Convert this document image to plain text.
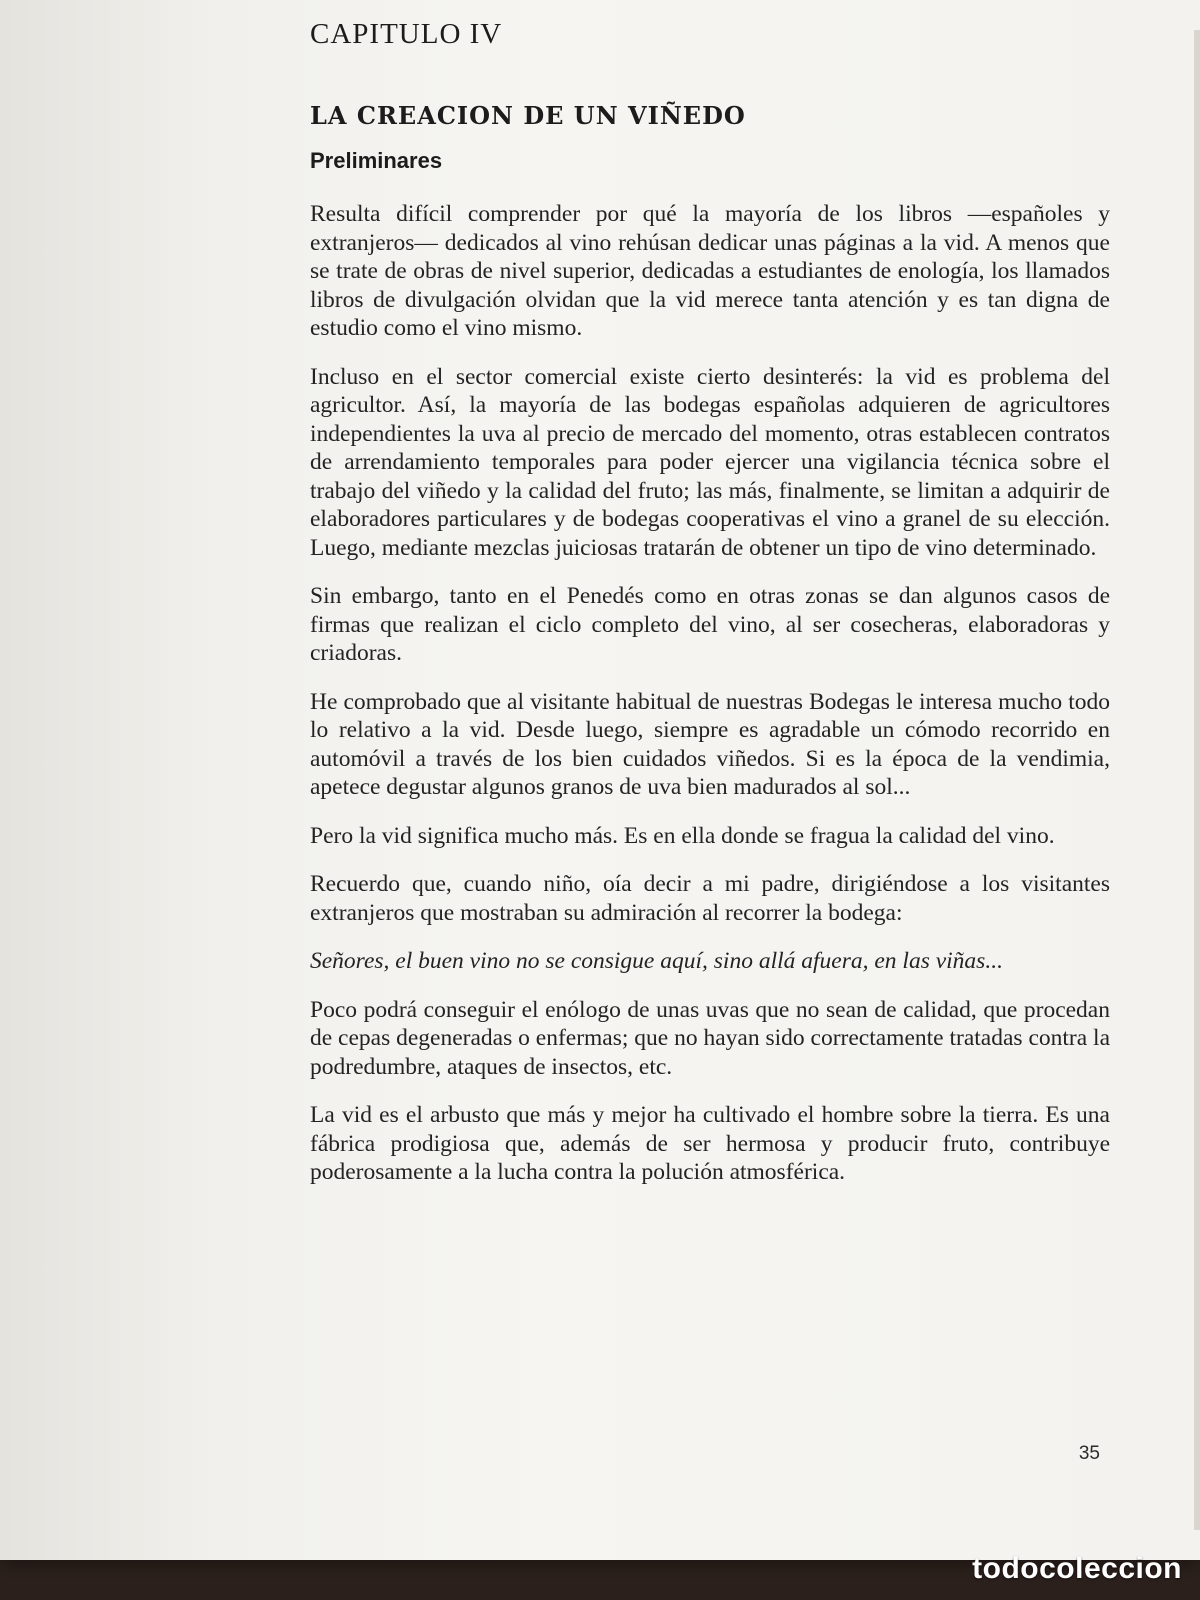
CAPITULO IV
LA CREACION DE UN VIÑEDO
Preliminares

Resulta difícil comprender por qué la mayoría de los libros —españoles y extranjeros— dedicados al vino rehúsan dedicar unas páginas a la vid. A menos que se trate de obras de nivel superior, dedicadas a estudiantes de enología, los llamados libros de divulgación olvidan que la vid merece tanta atención y es tan digna de estudio como el vino mismo.

Incluso en el sector comercial existe cierto desinterés: la vid es problema del agricultor. Así, la mayoría de las bodegas españolas adquieren de agricultores independientes la uva al precio de mercado del momento, otras establecen contratos de arrendamiento temporales para poder ejercer una vigilancia técnica sobre el trabajo del viñedo y la calidad del fruto; las más, finalmente, se limitan a adquirir de elaboradores particulares y de bodegas cooperativas el vino a granel de su elección. Luego, mediante mezclas juiciosas tratarán de obtener un tipo de vino determinado.

Sin embargo, tanto en el Penedés como en otras zonas se dan algunos casos de firmas que realizan el ciclo completo del vino, al ser cosecheras, elaboradoras y criadoras.

He comprobado que al visitante habitual de nuestras Bodegas le interesa mucho todo lo relativo a la vid. Desde luego, siempre es agradable un cómodo recorrido en automóvil a través de los bien cuidados viñedos. Si es la época de la vendimia, apetece degustar algunos granos de uva bien madurados al sol...

Pero la vid significa mucho más. Es en ella donde se fragua la calidad del vino.

Recuerdo que, cuando niño, oía decir a mi padre, dirigiéndose a los visitantes extranjeros que mostraban su admiración al recorrer la bodega:

Señores, el buen vino no se consigue aquí, sino allá afuera, en las viñas...

Poco podrá conseguir el enólogo de unas uvas que no sean de calidad, que procedan de cepas degeneradas o enfermas; que no hayan sido correctamente tratadas contra la podredumbre, ataques de insectos, etc.

La vid es el arbusto que más y mejor ha cultivado el hombre sobre la tierra. Es una fábrica prodigiosa que, además de ser hermosa y producir fruto, contribuye poderosamente a la lucha contra la polución atmosférica.

35
todocoleccion
